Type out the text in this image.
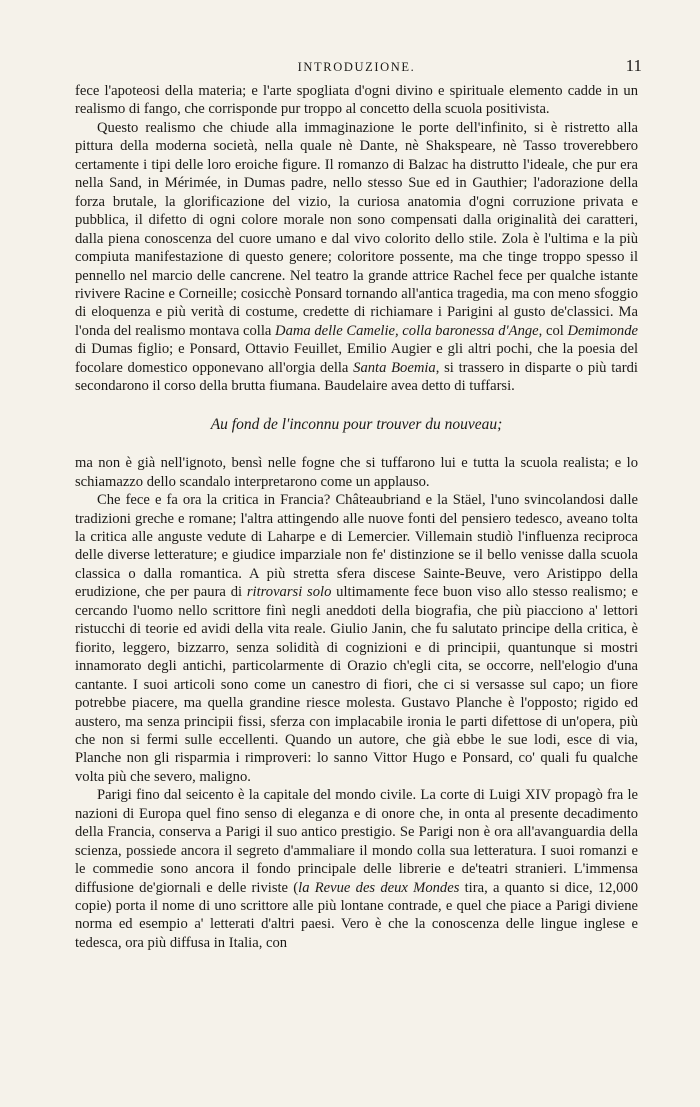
INTRODUZIONE.	11

fece l'apoteosi della materia; e l'arte spogliata d'ogni divino e spirituale elemento cadde in un realismo di fango, che corrisponde pur troppo al concetto della scuola positivista.

Questo realismo che chiude alla immaginazione le porte dell'infinito, si è ristretto alla pittura della moderna società, nella quale nè Dante, nè Shakspeare, nè Tasso troverebbero certamente i tipi delle loro eroiche figure. Il romanzo di Balzac ha distrutto l'ideale, che pur era nella Sand, in Mérimée, in Dumas padre, nello stesso Sue ed in Gauthier; l'adorazione della forza brutale, la glorificazione del vizio, la curiosa anatomia d'ogni corruzione privata e pubblica, il difetto di ogni colore morale non sono compensati dalla originalità dei caratteri, dalla piena conoscenza del cuore umano e dal vivo colorito dello stile. Zola è l'ultima e la più compiuta manifestazione di questo genere; coloritore possente, ma che tinge troppo spesso il pennello nel marcio delle cancrene. Nel teatro la grande attrice Rachel fece per qualche istante rivivere Racine e Corneille; cosicchè Ponsard tornando all'antica tragedia, ma con meno sfoggio di eloquenza e più verità di costume, credette di richiamare i Parigini al gusto de'classici. Ma l'onda del realismo montava colla Dama delle Camelie, colla baronessa d'Ange, col Demimonde di Dumas figlio; e Ponsard, Ottavio Feuillet, Emilio Augier e gli altri pochi, che la poesia del focolare domestico opponevano all'orgia della Santa Boemia, si trassero in disparte o più tardi secondarono il corso della brutta fiumana. Baudelaire avea detto di tuffarsi.

Au fond de l'inconnu pour trouver du nouveau;

ma non è già nell'ignoto, bensì nelle fogne che si tuffarono lui e tutta la scuola realista; e lo schiamazzo dello scandalo interpretarono come un applauso.

Che fece e fa ora la critica in Francia? Châteaubriand e la Stäel, l'uno svincolandosi dalle tradizioni greche e romane; l'altra attingendo alle nuove fonti del pensiero tedesco, aveano tolta la critica alle anguste vedute di Laharpe e di Lemercier. Villemain studiò l'influenza reciproca delle diverse letterature; e giudice imparziale non fe' distinzione se il bello venisse dalla scuola classica o dalla romantica. A più stretta sfera discese Sainte-Beuve, vero Aristippo della erudizione, che per paura di ritrovarsi solo ultimamente fece buon viso allo stesso realismo; e cercando l'uomo nello scrittore finì negli aneddoti della biografia, che più piacciono a' lettori ristucchi di teorie ed avidi della vita reale. Giulio Janin, che fu salutato principe della critica, è fiorito, leggero, bizzarro, senza solidità di cognizioni e di principii, quantunque si mostri innamorato degli antichi, particolarmente di Orazio ch'egli cita, se occorre, nell'elogio d'una cantante. I suoi articoli sono come un canestro di fiori, che ci si versasse sul capo; un fiore potrebbe piacere, ma quella grandine riesce molesta. Gustavo Planche è l'opposto; rigido ed austero, ma senza principii fissi, sferza con implacabile ironia le parti difettose di un'opera, più che non si fermi sulle eccellenti. Quando un autore, che già ebbe le sue lodi, esce di via, Planche non gli risparmia i rimproveri: lo sanno Vittor Hugo e Ponsard, co' quali fu qualche volta più che severo, maligno.

Parigi fino dal seicento è la capitale del mondo civile. La corte di Luigi XIV propagò fra le nazioni di Europa quel fino senso di eleganza e di onore che, in onta al presente decadimento della Francia, conserva a Parigi il suo antico prestigio. Se Parigi non è ora all'avanguardia della scienza, possiede ancora il segreto d'ammaliare il mondo colla sua letteratura. I suoi romanzi e le commedie sono ancora il fondo principale delle librerie e de'teatri stranieri. L'immensa diffusione de'giornali e delle riviste (la Revue des deux Mondes tira, a quanto si dice, 12,000 copie) porta il nome di uno scrittore alle più lontane contrade, e quel che piace a Parigi diviene norma ed esempio a' letterati d'altri paesi. Vero è che la conoscenza delle lingue inglese e tedesca, ora più diffusa in Italia, con
